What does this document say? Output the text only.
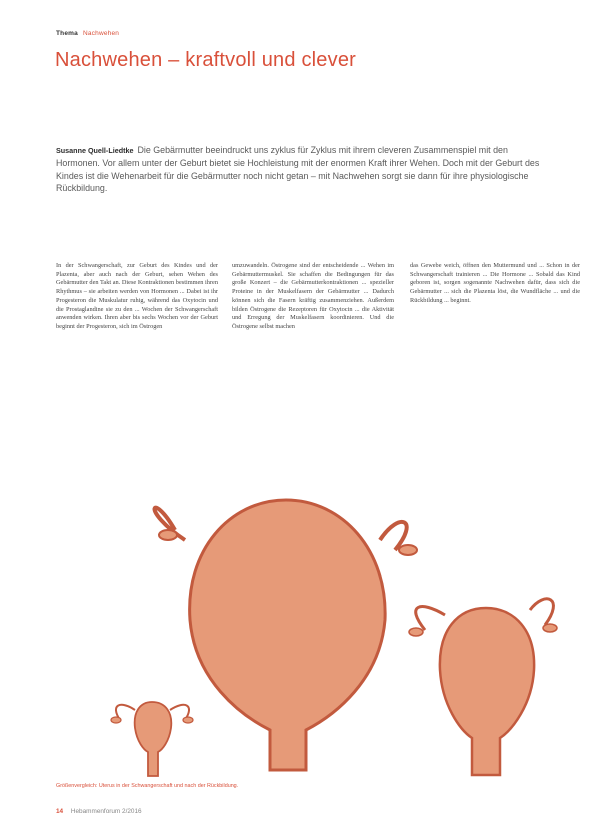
Thema Nachwehen
Nachwehen – kraftvoll und clever

Susanne Quell-Liedtke Die Gebärmutter beeindruckt uns zyklus für Zyklus mit ihrem cleveren Zusammenspiel mit den Hormonen. Vor allem unter der Geburt bietet sie Hochleistung mit der enormen Kraft ihrer Wehen. Doch mit der Geburt des Kindes ist die Wehenarbeit für die Gebärmutter noch nicht getan – mit Nachwehen sorgt sie dann für ihre physiologische Rückbildung.

In der Schwangerschaft, zur Geburt des Kindes und der Plazenta, aber auch nach der Geburt, sehen Wehen des Gebärmutter den Takt an. Diese Kontraktionen bestimmen ihren Rhythmus – sie arbeiten werden von Hormonen ... Dabei ist ihr Progesteron die Muskulatur ruhig, während das Oxytocin und die Prostaglandine sie zu den ... Wochen der Schwangerschaft anwenden wirken. Ihren aber bis sechs Wochen vor der Geburt beginnt der Progesteron, sich im Östrogen

umzuwandeln. Östrogene sind der entscheidende ... Wehen im Gebärmuttermuskel. Sie schaffen die Bedingungen für das große Konzert – die Gebärmutterkontraktionen ... spezieller Proteine in der Muskelfasern der Gebärmutter ... Dadurch können sich die Fasern kräftig zusammenziehen. Außerdem bilden Östrogene die Rezeptoren für Oxytocin ... die Aktivität und Erregung der Muskelfasern koordinieren. Und die Östrogene selbst machen

das Gewebe weich, öffnen den Muttermund und ... Schon in der Schwangerschaft trainieren ... Die Hormone ... Sobald das Kind geboren ist, sorgen sogenannte Nachwehen dafür, dass sich die Gebärmutter ... sich die Plazenta löst, die Wundfläche ... und die Rückbildung ... beginnt.

Größenvergleich: Uterus in der Schwangerschaft und nach der Rückbildung.
14 Hebammenforum 2/2016
